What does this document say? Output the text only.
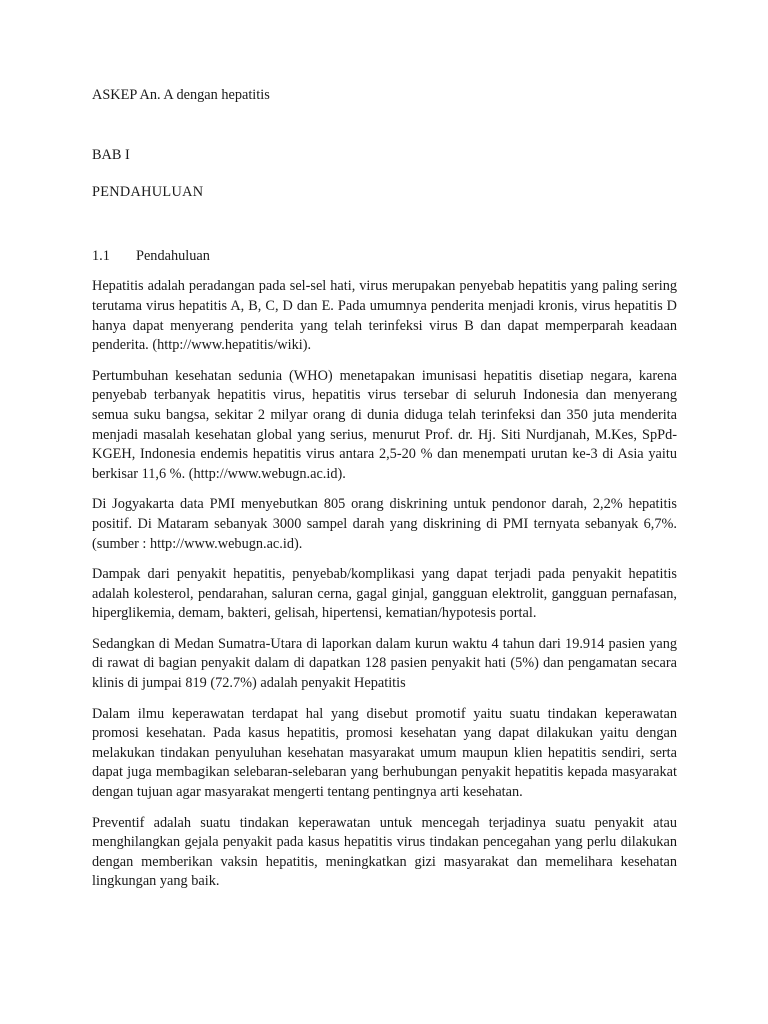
ASKEP An. A dengan hepatitis
BAB I
PENDAHULUAN
1.1	Pendahuluan

Hepatitis adalah peradangan pada sel-sel hati, virus merupakan penyebab hepatitis yang paling sering terutama virus hepatitis A, B, C, D dan E. Pada umumnya penderita menjadi kronis, virus hepatitis D hanya dapat menyerang penderita yang telah terinfeksi virus B dan dapat memperparah keadaan penderita. (http://www.hepatitis/wiki).

Pertumbuhan kesehatan sedunia (WHO) menetapakan imunisasi hepatitis disetiap negara, karena penyebab terbanyak hepatitis virus, hepatitis virus tersebar di seluruh Indonesia dan menyerang semua suku bangsa, sekitar 2 milyar orang di dunia diduga telah terinfeksi dan 350 juta menderita menjadi masalah kesehatan global yang serius, menurut Prof. dr. Hj. Siti Nurdjanah, M.Kes, SpPd-KGEH, Indonesia endemis hepatitis virus antara 2,5-20 % dan menempati urutan ke-3 di Asia yaitu berkisar 11,6 %. (http://www.webugn.ac.id).

Di Jogyakarta data PMI menyebutkan 805 orang diskrining untuk pendonor darah, 2,2% hepatitis positif. Di Mataram sebanyak 3000 sampel darah yang diskrining di PMI ternyata sebanyak 6,7%. (sumber : http://www.webugn.ac.id).

Dampak dari penyakit hepatitis, penyebab/komplikasi yang dapat terjadi pada penyakit hepatitis adalah kolesterol, pendarahan, saluran cerna, gagal ginjal, gangguan elektrolit, gangguan pernafasan, hiperglikemia, demam, bakteri, gelisah, hipertensi, kematian/hypotesis portal.

Sedangkan di Medan Sumatra-Utara di laporkan dalam kurun waktu 4 tahun dari 19.914 pasien yang di rawat di bagian penyakit dalam di dapatkan 128 pasien penyakit hati (5%) dan pengamatan secara klinis di jumpai 819 (72.7%) adalah penyakit Hepatitis

Dalam ilmu keperawatan terdapat hal yang disebut promotif yaitu suatu tindakan keperawatan promosi kesehatan. Pada kasus hepatitis, promosi kesehatan yang dapat dilakukan yaitu dengan melakukan tindakan penyuluhan kesehatan masyarakat umum maupun klien hepatitis sendiri, serta dapat juga membagikan selebaran-selebaran yang berhubungan penyakit hepatitis kepada masyarakat dengan tujuan agar masyarakat mengerti tentang pentingnya arti kesehatan.

Preventif adalah suatu tindakan keperawatan untuk mencegah terjadinya suatu penyakit atau menghilangkan gejala penyakit pada kasus hepatitis virus tindakan pencegahan yang perlu dilakukan dengan memberikan vaksin hepatitis, meningkatkan gizi masyarakat dan memelihara kesehatan lingkungan yang baik.
